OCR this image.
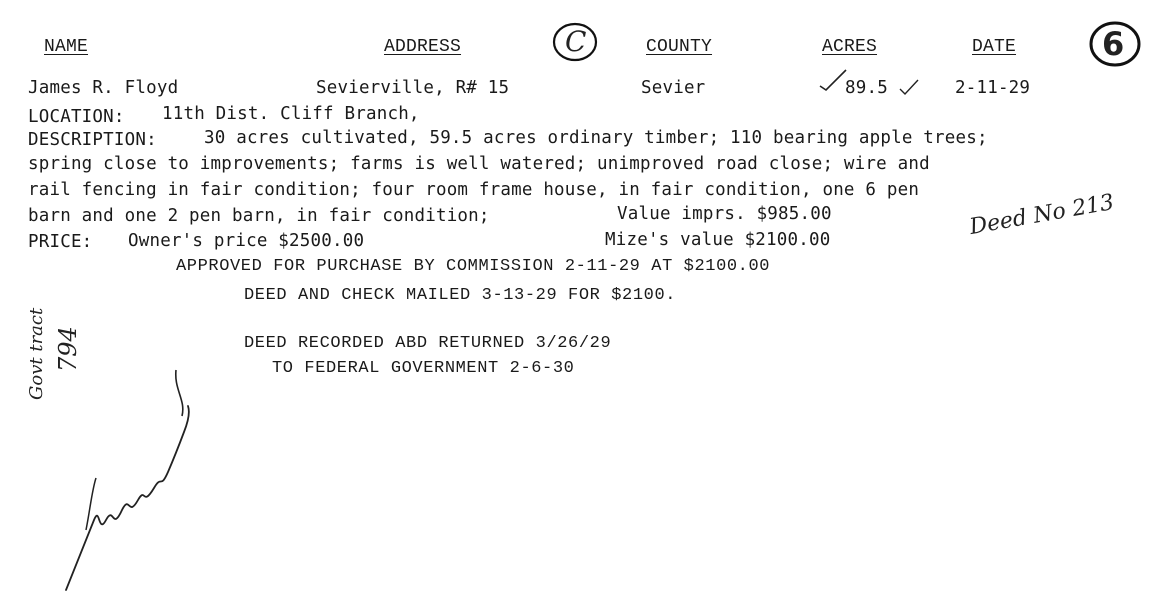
NAME	ADDRESS	COUNTY	ACRES	DATE
C	6
James R. Floyd	Sevierville, R# 15	Sevier	89.5	2-11-29
LOCATION: 11th Dist. Cliff Branch,
DESCRIPTION:	30 acres cultivated, 59.5 acres ordinary timber; 110 bearing apple trees;
spring close to improvements; farms is well watered; unimproved road close; wire and
rail fencing in fair condition; four room frame house, in fair condition, one 6 pen
barn and one 2 pen barn, in fair condition;	Value imprs. $985.00
PRICE: Owner's price $2500.00	Mize's value $2100.00
APPROVED FOR PURCHASE BY COMMISSION 2-11-29 AT $2100.00
DEED AND CHECK MAILED 3-13-29 FOR $2100.
DEED RECORDED ABD RETURNED 3/26/29
TO FEDERAL GOVERNMENT 2-6-30
Deed No 213
Govt tract 794
